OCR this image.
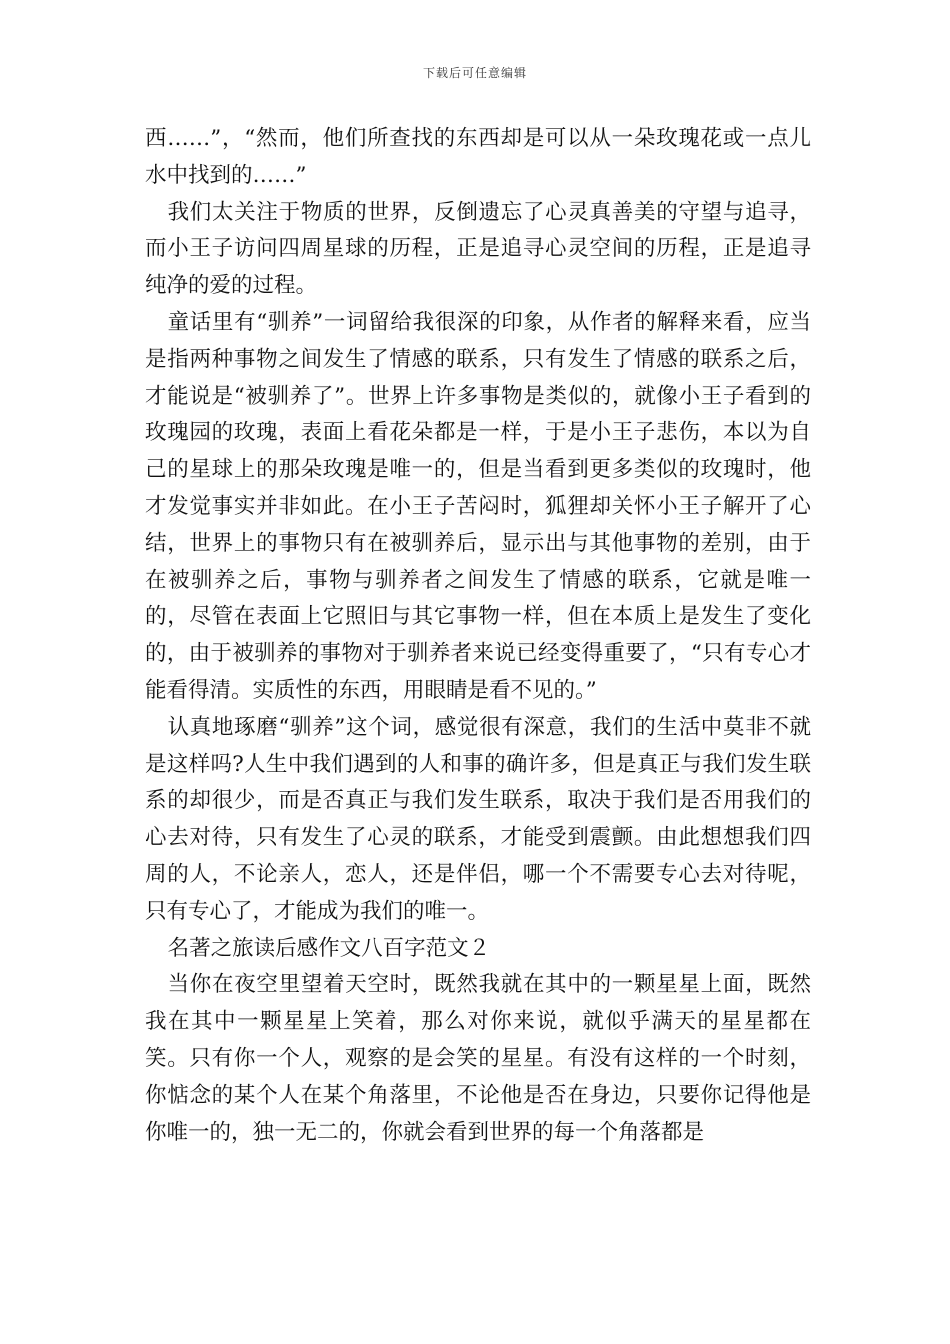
下载后可任意编辑

西……”，“然而，他们所查找的东西却是可以从一朵玫瑰花或一点儿水中找到的……”

我们太关注于物质的世界，反倒遗忘了心灵真善美的守望与追寻，而小王子访问四周星球的历程，正是追寻心灵空间的历程，正是追寻纯净的爱的过程。

童话里有“驯养”一词留给我很深的印象，从作者的解释来看，应当是指两种事物之间发生了情感的联系，只有发生了情感的联系之后，才能说是“被驯养了”。世界上许多事物是类似的，就像小王子看到的玫瑰园的玫瑰，表面上看花朵都是一样，于是小王子悲伤，本以为自己的星球上的那朵玫瑰是唯一的，但是当看到更多类似的玫瑰时，他才发觉事实并非如此。在小王子苦闷时，狐狸却关怀小王子解开了心结，世界上的事物只有在被驯养后，显示出与其他事物的差别，由于在被驯养之后，事物与驯养者之间发生了情感的联系，它就是唯一的，尽管在表面上它照旧与其它事物一样，但在本质上是发生了变化的，由于被驯养的事物对于驯养者来说已经变得重要了，“只有专心才能看得清。实质性的东西，用眼睛是看不见的。”

认真地琢磨“驯养”这个词，感觉很有深意，我们的生活中莫非不就是这样吗?人生中我们遇到的人和事的确许多，但是真正与我们发生联系的却很少，而是否真正与我们发生联系，取决于我们是否用我们的心去对待，只有发生了心灵的联系，才能受到震颤。由此想想我们四周的人，不论亲人，恋人，还是伴侣，哪一个不需要专心去对待呢，只有专心了，才能成为我们的唯一。

名著之旅读后感作文八百字范文２

当你在夜空里望着天空时，既然我就在其中的一颗星星上面，既然我在其中一颗星星上笑着，那么对你来说，就似乎满天的星星都在笑。只有你一个人，观察的是会笑的星星。有没有这样的一个时刻，你惦念的某个人在某个角落里，不论他是否在身边，只要你记得他是你唯一的，独一无二的，你就会看到世界的每一个角落都是
